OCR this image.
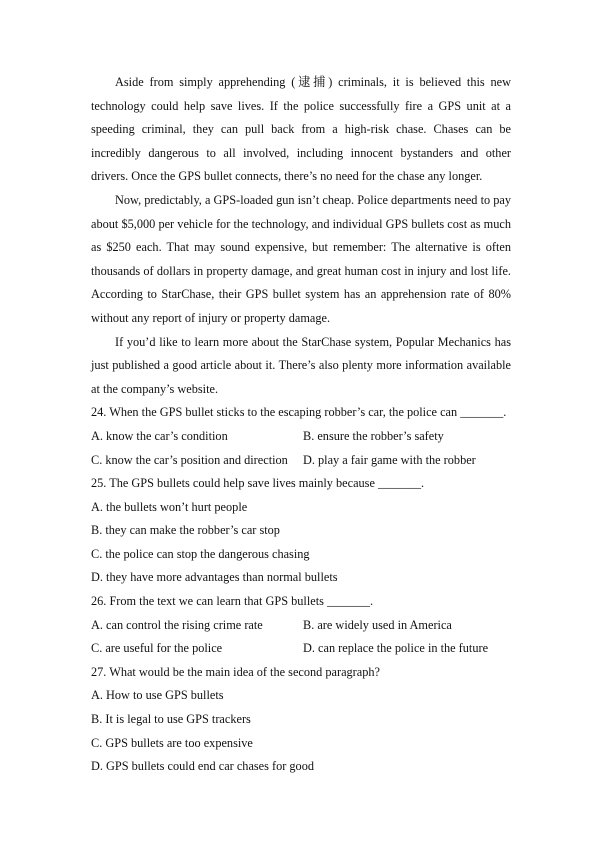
Aside from simply apprehending (逮捕) criminals, it is believed this new technology could help save lives. If the police successfully fire a GPS unit at a speeding criminal, they can pull back from a high-risk chase. Chases can be incredibly dangerous to all involved, including innocent bystanders and other drivers. Once the GPS bullet connects, there’s no need for the chase any longer.

Now, predictably, a GPS-loaded gun isn’t cheap. Police departments need to pay about $5,000 per vehicle for the technology, and individual GPS bullets cost as much as $250 each. That may sound expensive, but remember: The alternative is often thousands of dollars in property damage, and great human cost in injury and lost life. According to StarChase, their GPS bullet system has an apprehension rate of 80% without any report of injury or property damage.

If you’d like to learn more about the StarChase system, Popular Mechanics has just published a good article about it. There’s also plenty more information available at the company’s website.

24. When the GPS bullet sticks to the escaping robber’s car, the police can _______.

A. know the car’s condition	B. ensure the robber’s safety
C. know the car’s position and direction	D. play a fair game with the robber

25. The GPS bullets could help save lives mainly because _______.

A. the bullets won’t hurt people

B. they can make the robber’s car stop

C. the police can stop the dangerous chasing

D. they have more advantages than normal bullets

26. From the text we can learn that GPS bullets _______.

A. can control the rising crime rate	B. are widely used in America
C. are useful for the police	D. can replace the police in the future

27. What would be the main idea of the second paragraph?

A. How to use GPS bullets

B. It is legal to use GPS trackers

C. GPS bullets are too expensive

D. GPS bullets could end car chases for good
